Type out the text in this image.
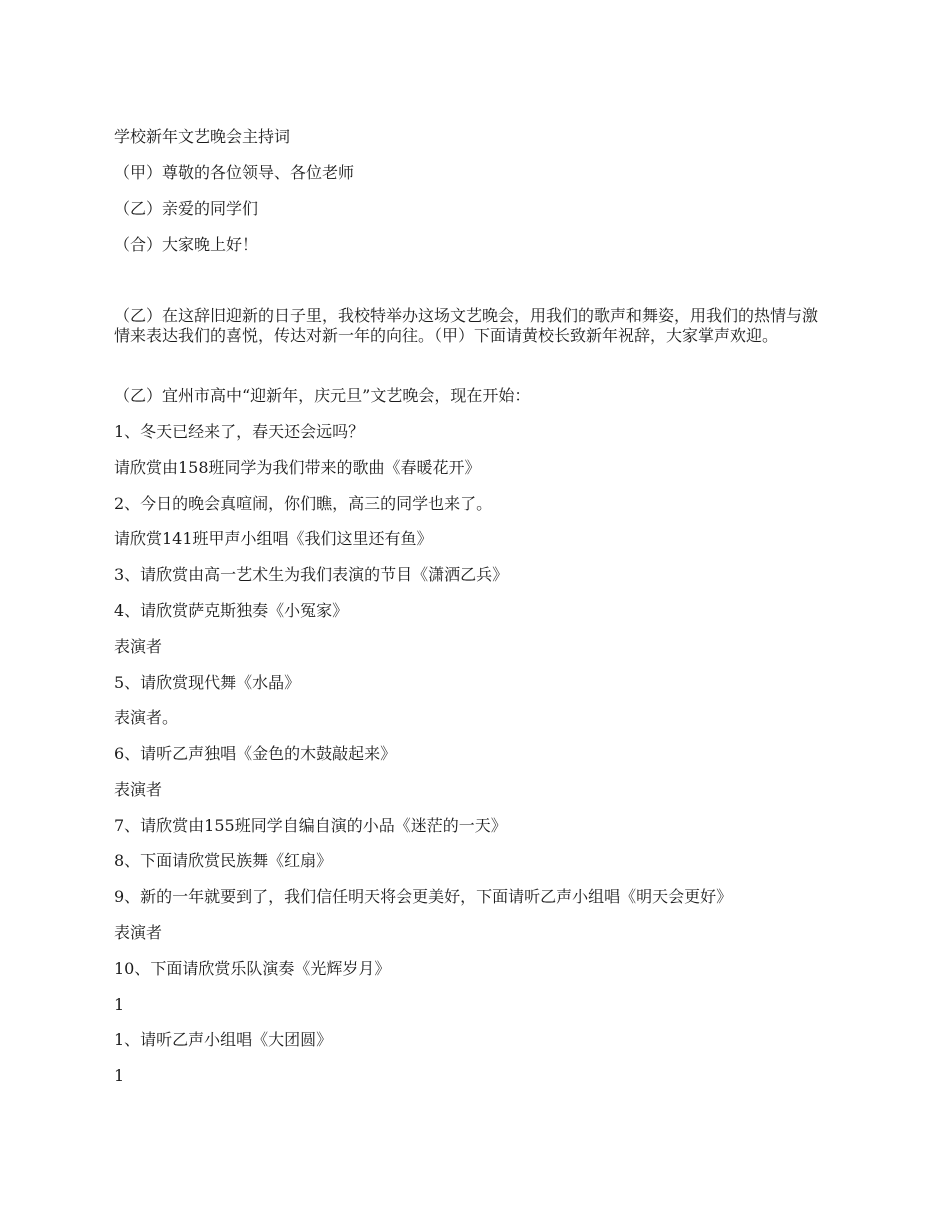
学校新年文艺晚会主持词
（甲）尊敬的各位领导、各位老师
（乙）亲爱的同学们
（合）大家晚上好！
（乙）在这辞旧迎新的日子里，我校特举办这场文艺晚会，用我们的歌声和舞姿，用我们的热情与激情来表达我们的喜悦，传达对新一年的向往。（甲）下面请黄校长致新年祝辞，大家掌声欢迎。
（乙）宜州市高中“迎新年，庆元旦”文艺晚会，现在开始：
1、冬天已经来了，春天还会远吗？
请欣赏由158班同学为我们带来的歌曲《春暖花开》
2、今日的晚会真喧闹，你们瞧，高三的同学也来了。
请欣赏141班甲声小组唱《我们这里还有鱼》
3、请欣赏由高一艺术生为我们表演的节目《潇洒乙兵》
4、请欣赏萨克斯独奏《小冤家》
表演者
5、请欣赏现代舞《水晶》
表演者。
6、请听乙声独唱《金色的木鼓敲起来》
表演者
7、请欣赏由155班同学自编自演的小品《迷茫的一天》
8、下面请欣赏民族舞《红扇》
9、新的一年就要到了，我们信任明天将会更美好，下面请听乙声小组唱《明天会更好》
表演者
10、下面请欣赏乐队演奏《光辉岁月》
1
1、请听乙声小组唱《大团圆》
1
